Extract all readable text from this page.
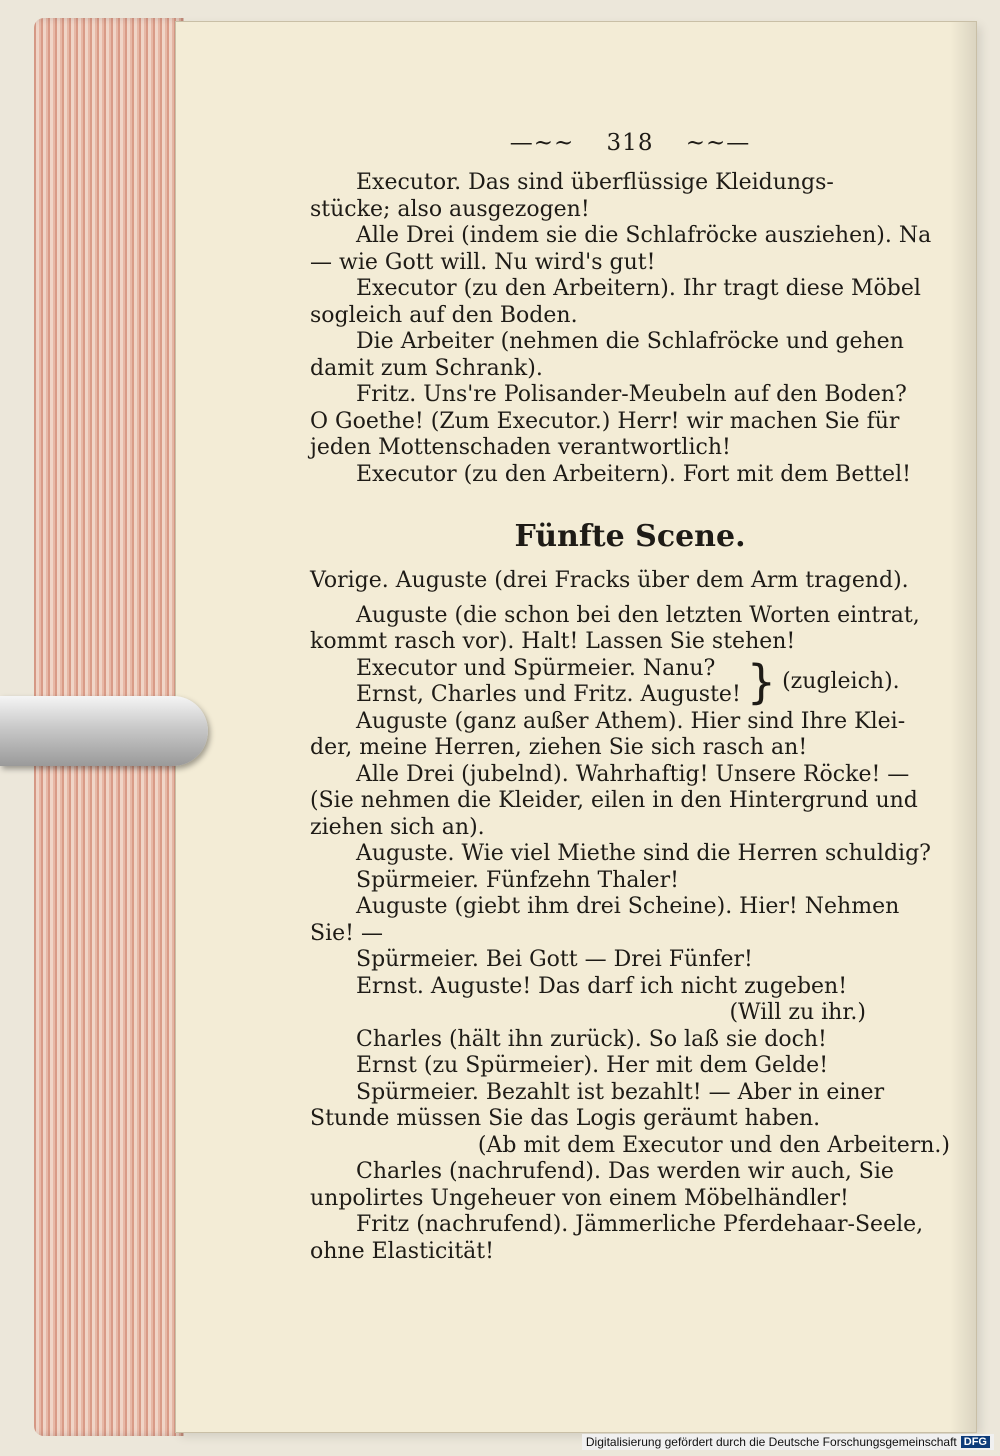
—~~ 318 ~~—
Executor. Das sind überflüssige Kleidungs-
stücke; also ausgezogen!
Alle Drei (indem sie die Schlafröcke ausziehen). Na
— wie Gott will. Nu wird's gut!
Executor (zu den Arbeitern). Ihr tragt diese Möbel
sogleich auf den Boden.
Die Arbeiter (nehmen die Schlafröcke und gehen
damit zum Schrank).
Fritz. Uns're Polisander-Meubeln auf den Boden?
O Goethe! (Zum Executor.) Herr! wir machen Sie für
jeden Mottenschaden verantwortlich!
Executor (zu den Arbeitern). Fort mit dem Bettel!
Fünfte Scene.
Vorige. Auguste (drei Fracks über dem Arm tragend).
Auguste (die schon bei den letzten Worten eintrat,
kommt rasch vor). Halt! Lassen Sie stehen!
Executor und Spürmeier. Nanu?
Ernst, Charles und Fritz. Auguste! } (zugleich).
Auguste (ganz außer Athem). Hier sind Ihre Klei-
der, meine Herren, ziehen Sie sich rasch an!
Alle Drei (jubelnd). Wahrhaftig! Unsere Röcke! —
(Sie nehmen die Kleider, eilen in den Hintergrund und
ziehen sich an).
Auguste. Wie viel Miethe sind die Herren schuldig?
Spürmeier. Fünfzehn Thaler!
Auguste (giebt ihm drei Scheine). Hier! Nehmen
Sie! —
Spürmeier. Bei Gott — Drei Fünfer!
Ernst. Auguste! Das darf ich nicht zugeben!
(Will zu ihr.)
Charles (hält ihn zurück). So laß sie doch!
Ernst (zu Spürmeier). Her mit dem Gelde!
Spürmeier. Bezahlt ist bezahlt! — Aber in einer
Stunde müssen Sie das Logis geräumt haben.
(Ab mit dem Executor und den Arbeitern.)
Charles (nachrufend). Das werden wir auch, Sie
unpolirtes Ungeheuer von einem Möbelhändler!
Fritz (nachrufend). Jämmerliche Pferdehaar-Seele,
ohne Elasticität!
Digitalisierung gefördert durch die Deutsche Forschungsgemeinschaft DFG
